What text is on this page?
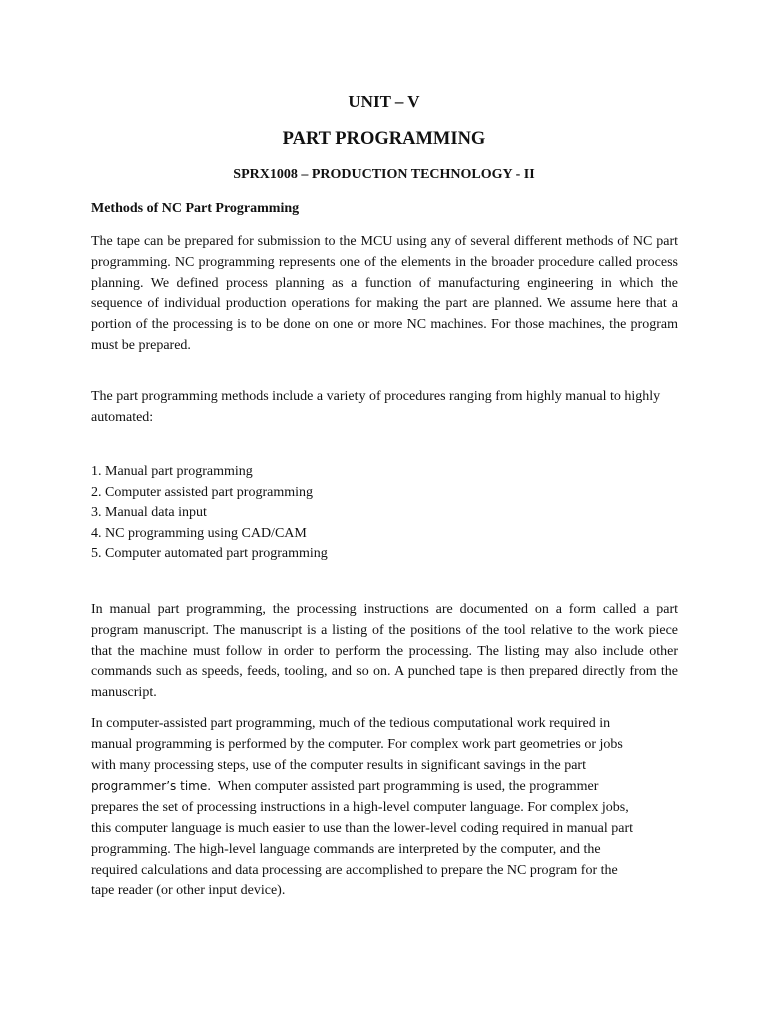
UNIT – V
PART PROGRAMMING
SPRX1008 – PRODUCTION TECHNOLOGY - II
Methods of NC Part Programming

The tape can be prepared for submission to the MCU using any of several different methods of NC part programming. NC programming represents one of the elements in the broader procedure called process planning. We defined process planning as a function of manufacturing engineering in which the sequence of individual production operations for making the part are planned. We assume here that a portion of the processing is to be done on one or more NC machines. For those machines, the program must be prepared.

The part programming methods include a variety of procedures ranging from highly manual to highly automated:

1. Manual part programming
2. Computer assisted part programming
3. Manual data input
4. NC programming using CAD/CAM
5. Computer automated part programming

In manual part programming, the processing instructions are documented on a form called a part program manuscript. The manuscript is a listing of the positions of the tool relative to the work piece that the machine must follow in order to perform the processing. The listing may also include other commands such as speeds, feeds, tooling, and so on. A punched tape is then prepared directly from the manuscript.

In computer-assisted part programming, much of the tedious computational work required in
manual programming is performed by the computer. For complex work part geometries or jobs
with many processing steps, use of the computer results in significant savings in the part
programmer’s time.  When computer assisted part programming is used, the programmer
prepares the set of processing instructions in a high-level computer language. For complex jobs,
this computer language is much easier to use than the lower-level coding required in manual part
programming. The high-level language commands are interpreted by the computer, and the
required calculations and data processing are accomplished to prepare the NC program for the
tape reader (or other input device).
